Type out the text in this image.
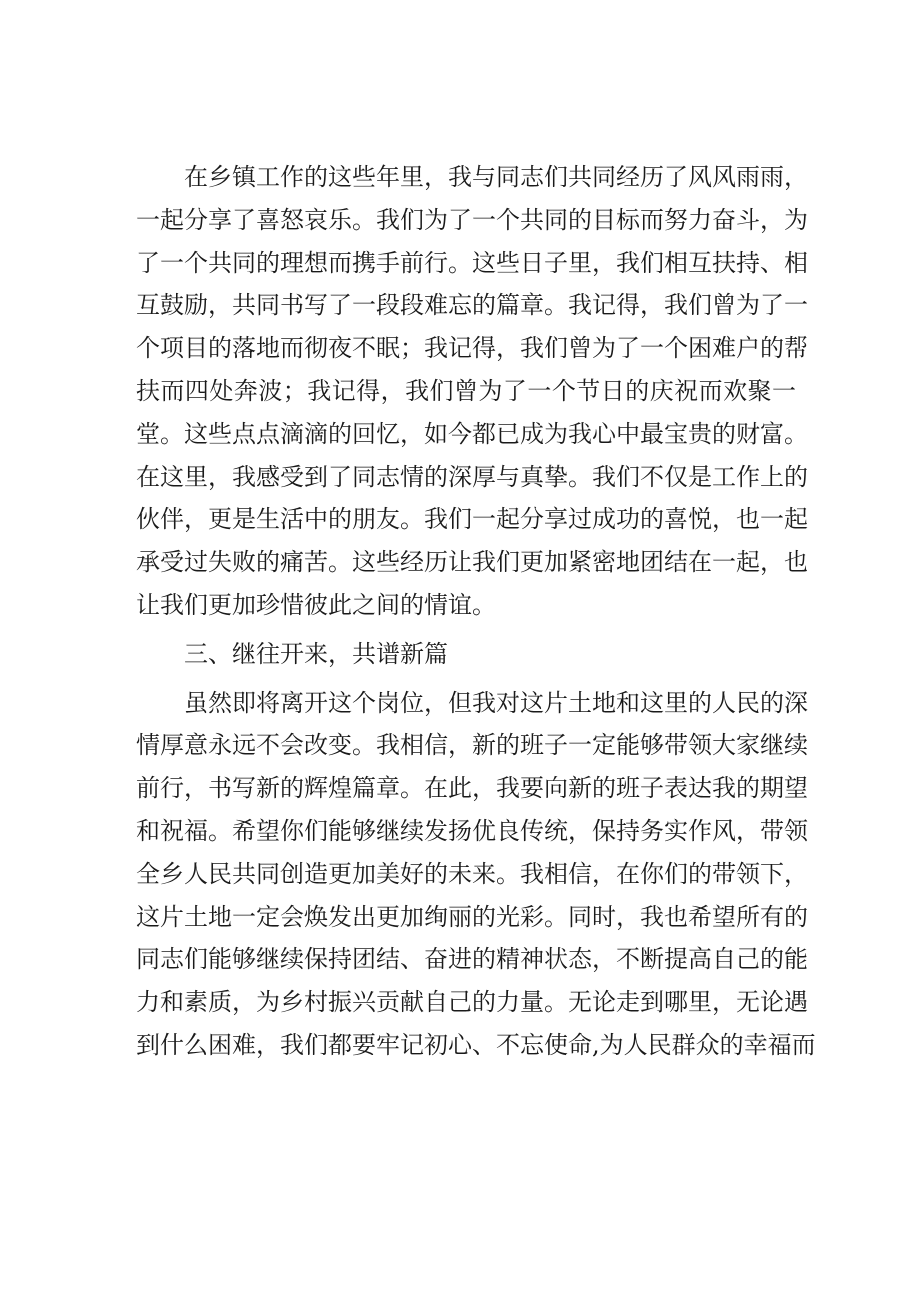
在乡镇工作的这些年里，我与同志们共同经历了风风雨雨，
一起分享了喜怒哀乐。我们为了一个共同的目标而努力奋斗，为
了一个共同的理想而携手前行。这些日子里，我们相互扶持、相
互鼓励，共同书写了一段段难忘的篇章。我记得，我们曾为了一
个项目的落地而彻夜不眠；我记得，我们曾为了一个困难户的帮
扶而四处奔波；我记得，我们曾为了一个节日的庆祝而欢聚一
堂。这些点点滴滴的回忆，如今都已成为我心中最宝贵的财富。
在这里，我感受到了同志情的深厚与真挚。我们不仅是工作上的
伙伴，更是生活中的朋友。我们一起分享过成功的喜悦，也一起
承受过失败的痛苦。这些经历让我们更加紧密地团结在一起，也
让我们更加珍惜彼此之间的情谊。
三、继往开来，共谱新篇
虽然即将离开这个岗位，但我对这片土地和这里的人民的深
情厚意永远不会改变。我相信，新的班子一定能够带领大家继续
前行，书写新的辉煌篇章。在此，我要向新的班子表达我的期望
和祝福。希望你们能够继续发扬优良传统，保持务实作风，带领
全乡人民共同创造更加美好的未来。我相信，在你们的带领下，
这片土地一定会焕发出更加绚丽的光彩。同时，我也希望所有的
同志们能够继续保持团结、奋进的精神状态，不断提高自己的能
力和素质，为乡村振兴贡献自己的力量。无论走到哪里，无论遇
到什么困难，我们都要牢记初心、不忘使命,为人民群众的幸福而
